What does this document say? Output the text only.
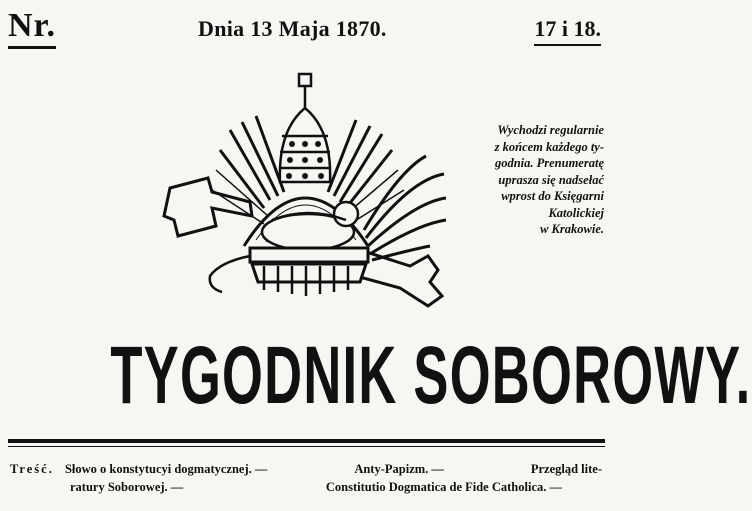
Nr.	Dnia 13 Maja 1870.	17 i 18.
Wychodzi regularnie
z końcem każdego ty-
godnia. Prenumeratę
uprasza się nadsełać
wprost do Księgarni
Katolickiej
w Krakowie.
TYGODNIK SOBOROWY.
Treść. Słowo o konstytucyi dogmatycznej. —	Anty-Papizm. —	Przegląd lite-
ratury Soborowej. —	Constitutio Dogmatica de Fide Catholica. —
